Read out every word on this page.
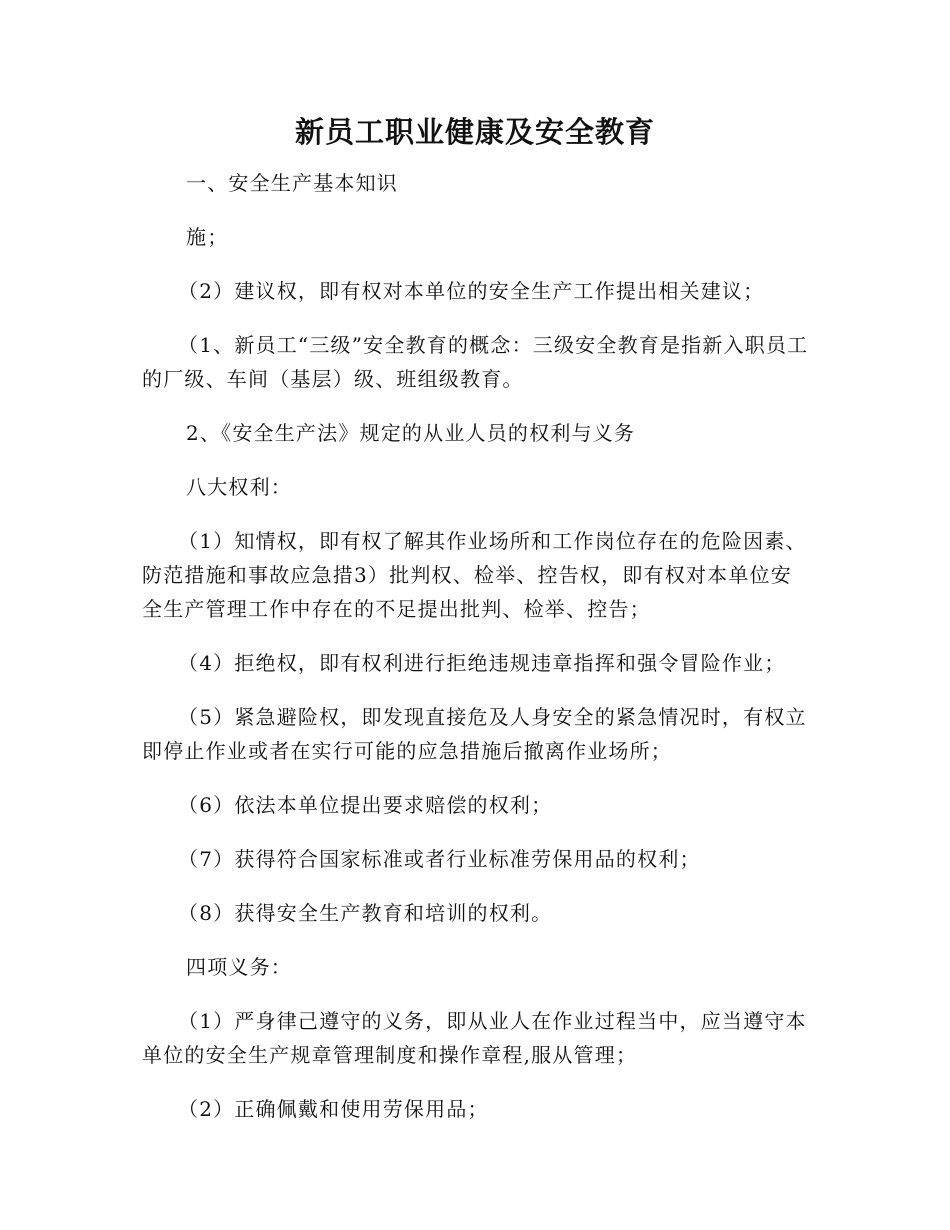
新员工职业健康及安全教育

一、安全生产基本知识

施；

（2）建议权，即有权对本单位的安全生产工作提出相关建议；

（1、新员工“三级”安全教育的概念：三级安全教育是指新入职员工的厂级、车间（基层）级、班组级教育。

2、《安全生产法》规定的从业人员的权利与义务

八大权利：

（1）知情权，即有权了解其作业场所和工作岗位存在的危险因素、防范措施和事故应急措3）批判权、检举、控告权，即有权对本单位安全生产管理工作中存在的不足提出批判、检举、控告；

（4）拒绝权，即有权利进行拒绝违规违章指挥和强令冒险作业；

（5）紧急避险权，即发现直接危及人身安全的紧急情况时，有权立即停止作业或者在实行可能的应急措施后撤离作业场所；

（6）依法本单位提出要求赔偿的权利；

（7）获得符合国家标准或者行业标准劳保用品的权利；

（8）获得安全生产教育和培训的权利。

四项义务：

（1）严身律己遵守的义务，即从业人在作业过程当中，应当遵守本单位的安全生产规章管理制度和操作章程,服从管理；

（2）正确佩戴和使用劳保用品；
